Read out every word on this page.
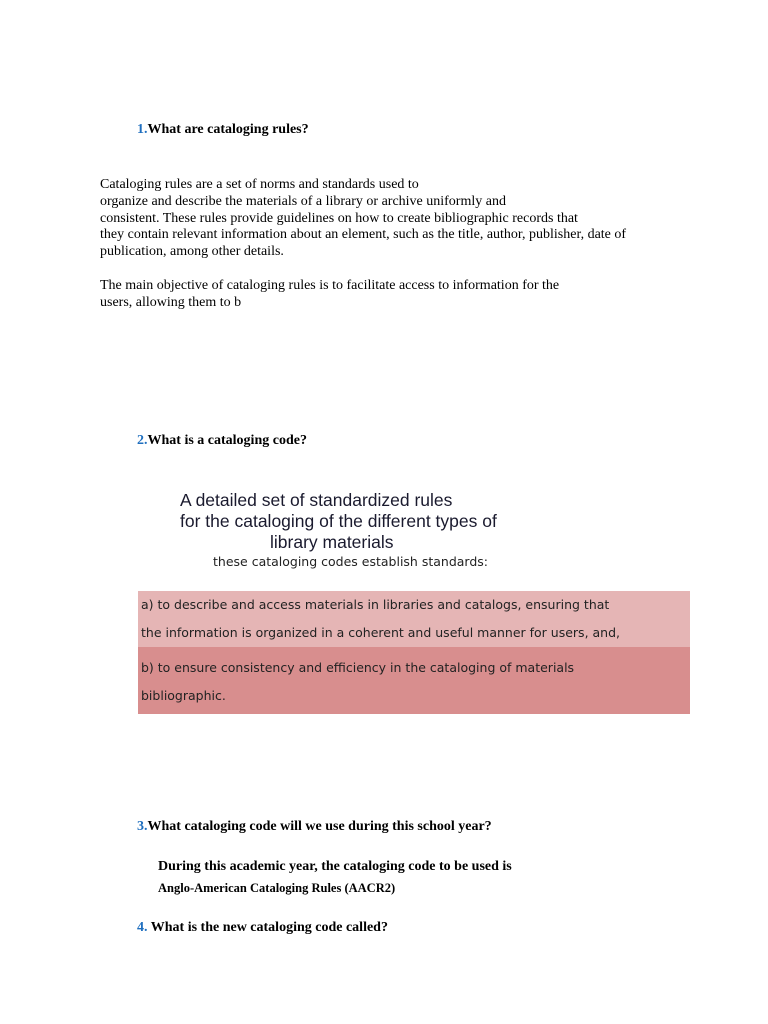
1.What are cataloging rules?
Cataloging rules are a set of norms and standards used to
organize and describe the materials of a library or archive uniformly and
consistent. These rules provide guidelines on how to create bibliographic records that
they contain relevant information about an element, such as the title, author, publisher, date of
publication, among other details.
The main objective of cataloging rules is to facilitate access to information for the
users, allowing them to b
2.What is a cataloging code?
A detailed set of standardized rules
for the cataloging of the different types of
library materials
these cataloging codes establish standards:
a) to describe and access materials in libraries and catalogs, ensuring that
the information is organized in a coherent and useful manner for users, and,
b) to ensure consistency and efficiency in the cataloging of materials
bibliographic.
3.What cataloging code will we use during this school year?
During this academic year, the cataloging code to be used is
Anglo-American Cataloging Rules (AACR2)
4. What is the new cataloging code called?
